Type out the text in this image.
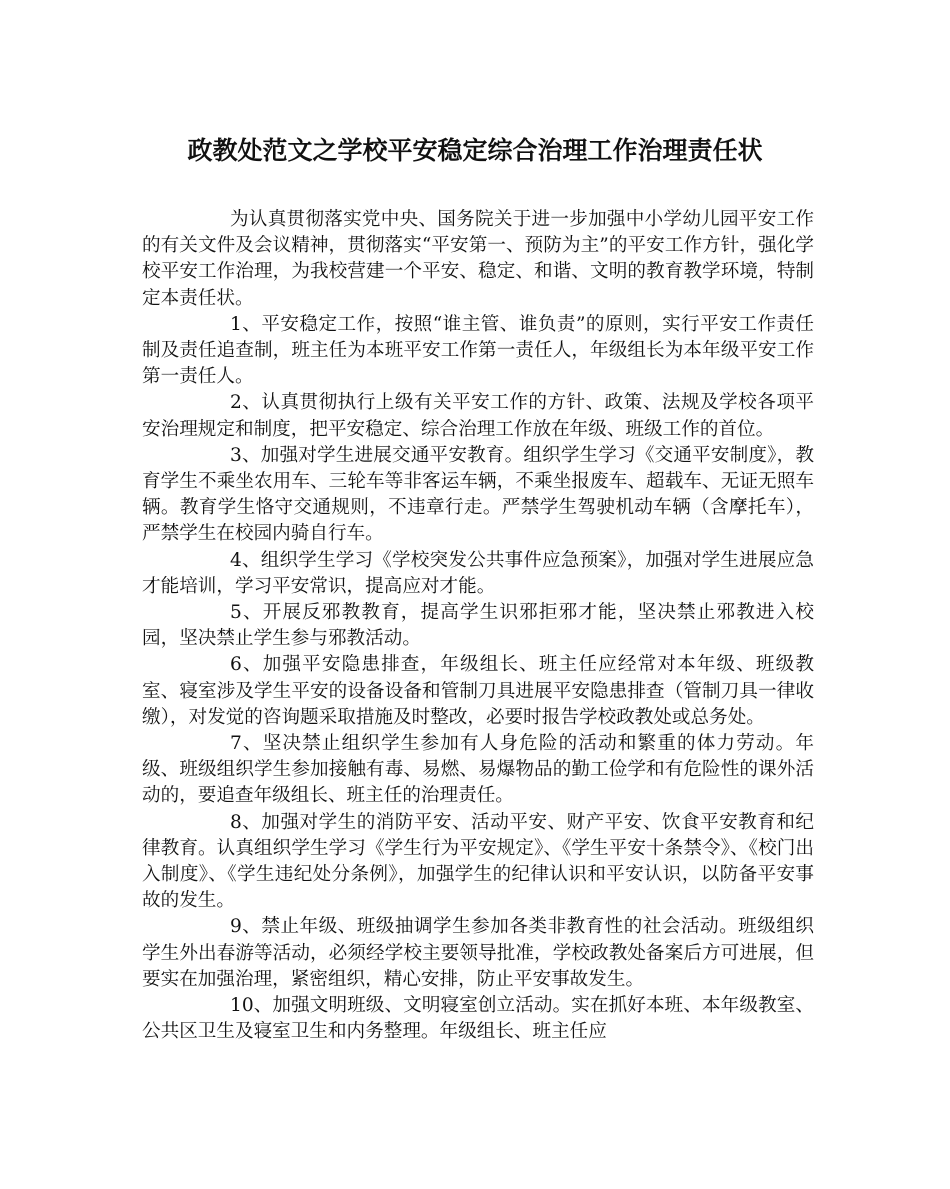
政教处范文之学校平安稳定综合治理工作治理责任状

为认真贯彻落实党中央、国务院关于进一步加强中小学幼儿园平安工作的有关文件及会议精神，贯彻落实“平安第一、预防为主”的平安工作方针，强化学校平安工作治理，为我校营建一个平安、稳定、和谐、文明的教育教学环境，特制定本责任状。

1、平安稳定工作，按照“谁主管、谁负责”的原则，实行平安工作责任制及责任追查制，班主任为本班平安工作第一责任人，年级组长为本年级平安工作第一责任人。

2、认真贯彻执行上级有关平安工作的方针、政策、法规及学校各项平安治理规定和制度，把平安稳定、综合治理工作放在年级、班级工作的首位。

3、加强对学生进展交通平安教育。组织学生学习《交通平安制度》，教育学生不乘坐农用车、三轮车等非客运车辆，不乘坐报废车、超载车、无证无照车辆。教育学生恪守交通规则，不违章行走。严禁学生驾驶机动车辆（含摩托车），严禁学生在校园内骑自行车。

4、组织学生学习《学校突发公共事件应急预案》，加强对学生进展应急才能培训，学习平安常识，提高应对才能。

5、开展反邪教教育，提高学生识邪拒邪才能，坚决禁止邪教进入校园，坚决禁止学生参与邪教活动。

6、加强平安隐患排查，年级组长、班主任应经常对本年级、班级教室、寝室涉及学生平安的设备设备和管制刀具进展平安隐患排查（管制刀具一律收缴），对发觉的咨询题采取措施及时整改，必要时报告学校政教处或总务处。

7、坚决禁止组织学生参加有人身危险的活动和繁重的体力劳动。年级、班级组织学生参加接触有毒、易燃、易爆物品的勤工俭学和有危险性的课外活动的，要追查年级组长、班主任的治理责任。

8、加强对学生的消防平安、活动平安、财产平安、饮食平安教育和纪律教育。认真组织学生学习《学生行为平安规定》、《学生平安十条禁令》、《校门出入制度》、《学生违纪处分条例》，加强学生的纪律认识和平安认识，以防备平安事故的发生。

9、禁止年级、班级抽调学生参加各类非教育性的社会活动。班级组织学生外出春游等活动，必须经学校主要领导批准，学校政教处备案后方可进展，但要实在加强治理，紧密组织，精心安排，防止平安事故发生。

10、加强文明班级、文明寝室创立活动。实在抓好本班、本年级教室、公共区卫生及寝室卫生和内务整理。年级组长、班主任应
